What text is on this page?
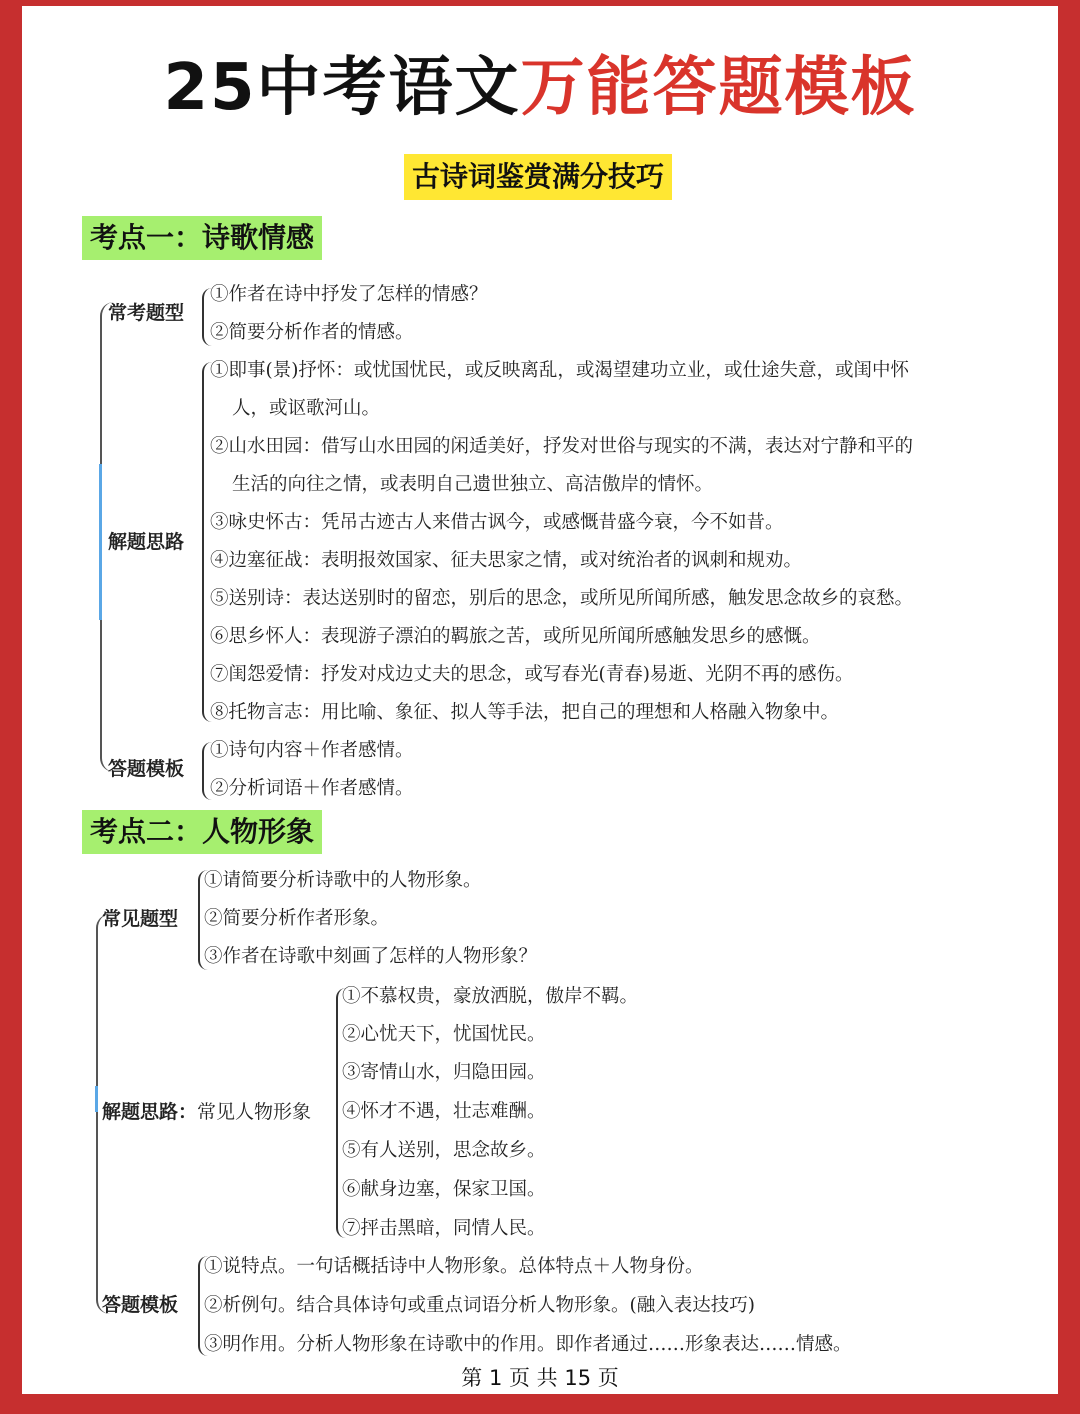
25中考语文万能答题模板
古诗词鉴赏满分技巧
考点一：诗歌情感
常考题型
①作者在诗中抒发了怎样的情感？
②简要分析作者的情感。
解题思路
①即事(景)抒怀：或忧国忧民，或反映离乱，或渴望建功立业，或仕途失意，或闺中怀
人，或讴歌河山。
②山水田园：借写山水田园的闲适美好，抒发对世俗与现实的不满，表达对宁静和平的
生活的向往之情，或表明自己遗世独立、高洁傲岸的情怀。
③咏史怀古：凭吊古迹古人来借古讽今，或感慨昔盛今衰，今不如昔。
④边塞征战：表明报效国家、征夫思家之情，或对统治者的讽刺和规劝。
⑤送别诗：表达送别时的留恋，别后的思念，或所见所闻所感，触发思念故乡的哀愁。
⑥思乡怀人：表现游子漂泊的羁旅之苦，或所见所闻所感触发思乡的感慨。
⑦闺怨爱情：抒发对戍边丈夫的思念，或写春光(青春)易逝、光阴不再的感伤。
⑧托物言志：用比喻、象征、拟人等手法，把自己的理想和人格融入物象中。
答题模板
①诗句内容＋作者感情。
②分析词语＋作者感情。
考点二：人物形象
常见题型
①请简要分析诗歌中的人物形象。
②简要分析作者形象。
③作者在诗歌中刻画了怎样的人物形象？
解题思路：常见人物形象
①不慕权贵，豪放洒脱，傲岸不羁。
②心忧天下，忧国忧民。
③寄情山水，归隐田园。
④怀才不遇，壮志难酬。
⑤有人送别，思念故乡。
⑥献身边塞，保家卫国。
⑦抨击黑暗，同情人民。
答题模板
①说特点。一句话概括诗中人物形象。总体特点＋人物身份。
②析例句。结合具体诗句或重点词语分析人物形象。(融入表达技巧)
③明作用。分析人物形象在诗歌中的作用。即作者通过……形象表达……情感。
第 1 页 共 15 页
